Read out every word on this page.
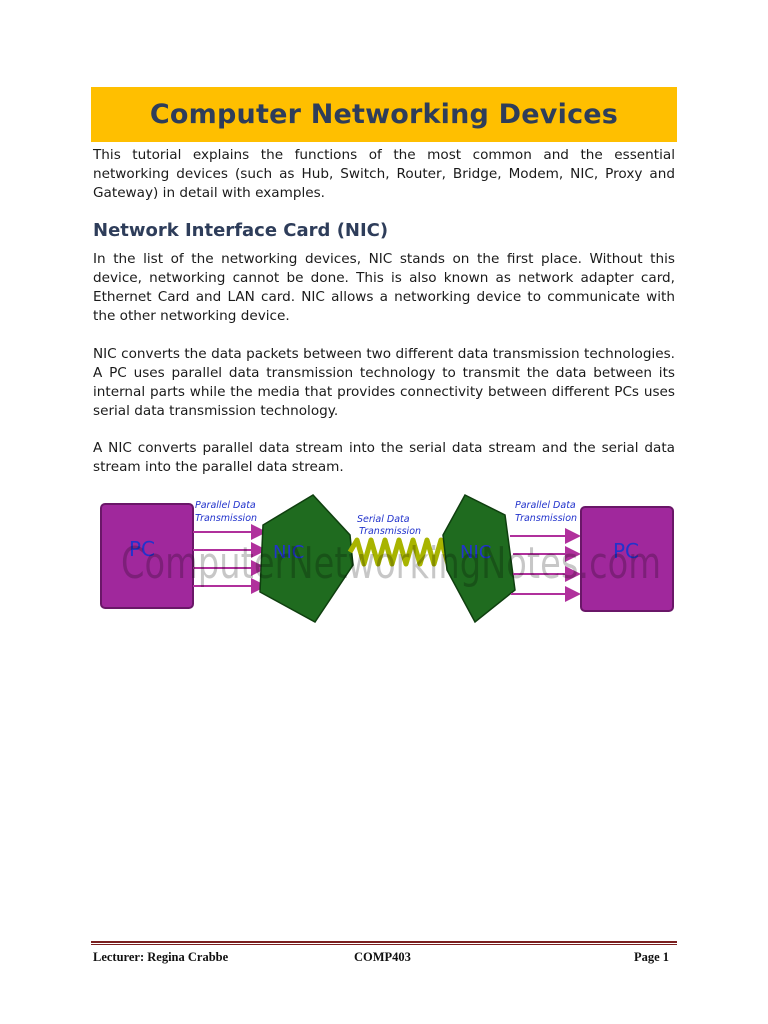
Computer Networking Devices

This tutorial explains the functions of the most common and the essential networking devices (such as Hub, Switch, Router, Bridge, Modem, NIC, Proxy and Gateway) in detail with examples.

Network Interface Card (NIC)

In the list of the networking devices, NIC stands on the first place. Without this device, networking cannot be done. This is also known as network adapter card, Ethernet Card and LAN card. NIC allows a networking device to communicate with the other networking device.

NIC converts the data packets between two different data transmission technologies. A PC uses parallel data transmission technology to transmit the data between its internal parts while the media that provides connectivity between different PCs uses serial data transmission technology.

A NIC converts parallel data stream into the serial data stream and the serial data stream into the parallel data stream.

PC
Parallel Data
Transmission
NIC
Serial Data
Transmission
NIC
Parallel Data
Transmission
PC
ComputerNetworkingNotes.com
Lecturer: Regina Crabbe	COMP403	Page 1
